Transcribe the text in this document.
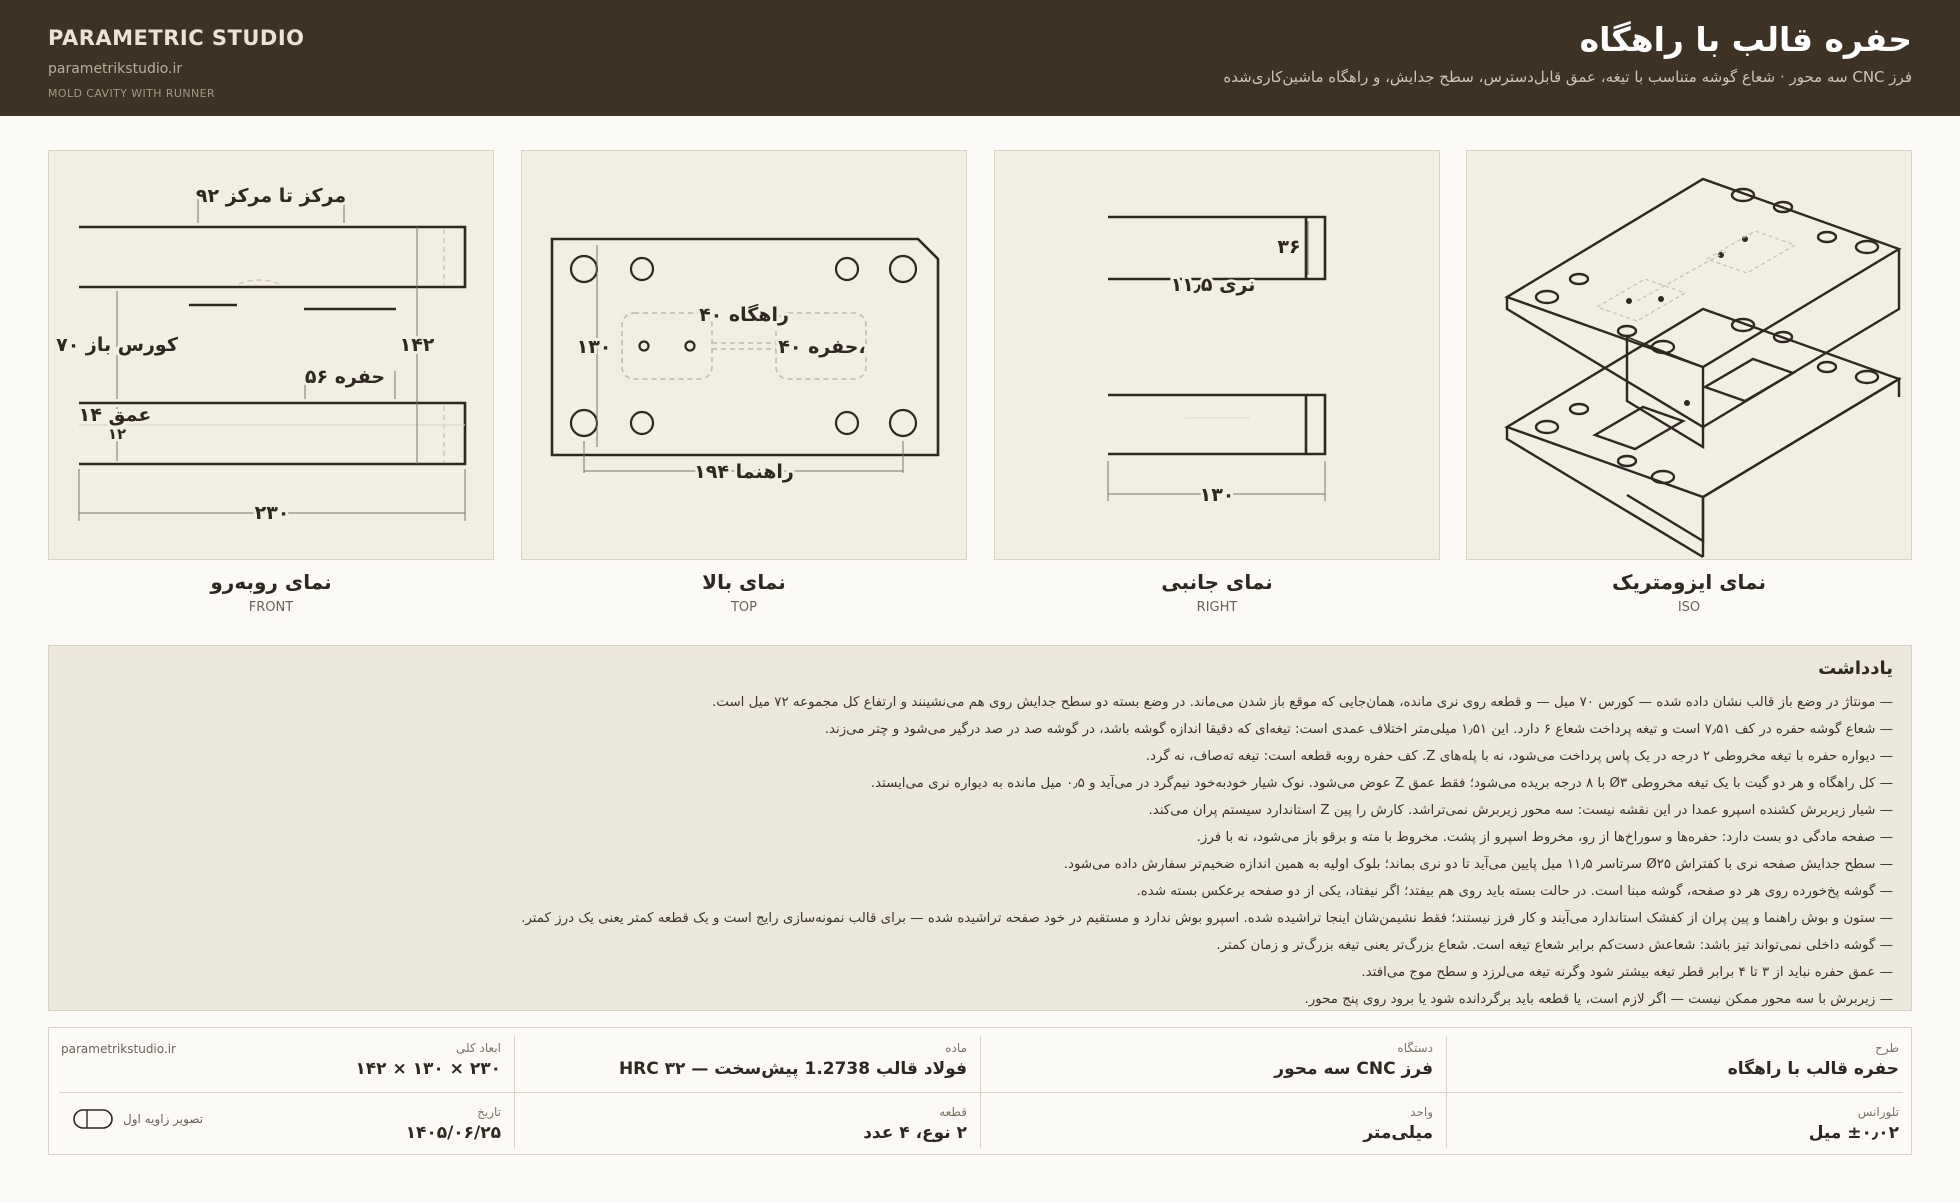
PARAMETRIC STUDIO
parametrikstudio.ir
MOLD CAVITY WITH RUNNER
حفره قالب با راهگاه
فرز CNC سه محور · شعاع گوشه متناسب با تیغه، عمق قابل‌دسترس، سطح جدایش، و راهگاه ماشین‌کاری‌شده
مرکز تا مرکز ۹۲
کورس باز ۷۰	۱۴۲
حفره ۵۶
عمق ۱۴
۱۲
۲۳۰
نمای روبه‌رو
FRONT
راهگاه ۴۰
حفره ۴۰،
۱۳۰
راهنما ۱۹۴
نمای بالا
TOP
۳۶
نری ۱۱٫۵
۱۳۰
نمای جانبی
RIGHT
نمای ایزومتریک
ISO
یادداشت
— مونتاژ در وضع باز قالب نشان داده شده — کورس ۷۰ میل — و قطعه روی نری مانده، همان‌جایی که موقع باز شدن می‌ماند. در وضع بسته دو سطح جدایش روی هم می‌نشینند و ارتفاع کل مجموعه ۷۲ میل است.
— شعاع گوشه حفره در کف ۷٫۵۱ است و تیغه پرداخت شعاع ۶ دارد. این ۱٫۵۱ میلی‌متر اختلاف عمدی است: تیغه‌ای که دقیقا اندازه گوشه باشد، در گوشه صد در صد درگیر می‌شود و چتر می‌زند.
— دیواره حفره با تیغه مخروطی ۲ درجه در یک پاس پرداخت می‌شود، نه با پله‌های Z. کف حفره روبه قطعه است: تیغه ته‌صاف، نه گرد.
— کل راهگاه و هر دو گیت با یک تیغه مخروطی Ø۳ با ۸ درجه بریده می‌شود؛ فقط عمق Z عوض می‌شود. نوک شیار خودبه‌خود نیم‌گرد در می‌آید و ۰٫۵ میل مانده به دیواره نری می‌ایستد.
— شیار زیربرش کشنده اسپرو عمدا در این نقشه نیست: سه محور زیربرش نمی‌تراشد. کارش را پین Z استاندارد سیستم پران می‌کند.
— صفحه مادگی دو بست دارد: حفره‌ها و سوراخ‌ها از رو، مخروط اسپرو از پشت. مخروط با مته و برقو باز می‌شود، نه با فرز.
— سطح جدایش صفحه نری با کفتراش Ø۲۵ سرتاسر ۱۱٫۵ میل پایین می‌آید تا دو نری بماند؛ بلوک اولیه به همین اندازه ضخیم‌تر سفارش داده می‌شود.
— گوشه پخ‌خورده روی هر دو صفحه، گوشه مبنا است. در حالت بسته باید روی هم بیفتد؛ اگر نیفتاد، یکی از دو صفحه برعکس بسته شده.
— ستون و بوش راهنما و پین پران از کفشک استاندارد می‌آیند و کار فرز نیستند؛ فقط نشیمن‌شان اینجا تراشیده شده. اسپرو بوش ندارد و مستقیم در خود صفحه تراشیده شده — برای قالب نمونه‌سازی رایج است و یک قطعه کمتر یعنی یک درز کمتر.
— گوشه داخلی نمی‌تواند تیز باشد: شعاعش دست‌کم برابر شعاع تیغه است. شعاع بزرگ‌تر یعنی تیغه بزرگ‌تر و زمان کمتر.
— عمق حفره نباید از ۳ تا ۴ برابر قطر تیغه بیشتر شود وگرنه تیغه می‌لرزد و سطح موج می‌افتد.
— زیربرش با سه محور ممکن نیست — اگر لازم است، یا قطعه باید برگردانده شود یا برود روی پنج محور.
طرح
حفره قالب با راهگاه
دستگاه
فرز CNC سه محور
ماده
فولاد قالب 1.2738 پیش‌سخت — HRC ۳۲
ابعاد کلی
۲۳۰ × ۱۳۰ × ۱۴۲
parametrikstudio.ir
تلورانس
±۰٫۰۲ میل
واحد
میلی‌متر
قطعه
۲ نوع، ۴ عدد
تاریخ
۱۴۰۵/۰۶/۲۵
تصویر زاویه اول
